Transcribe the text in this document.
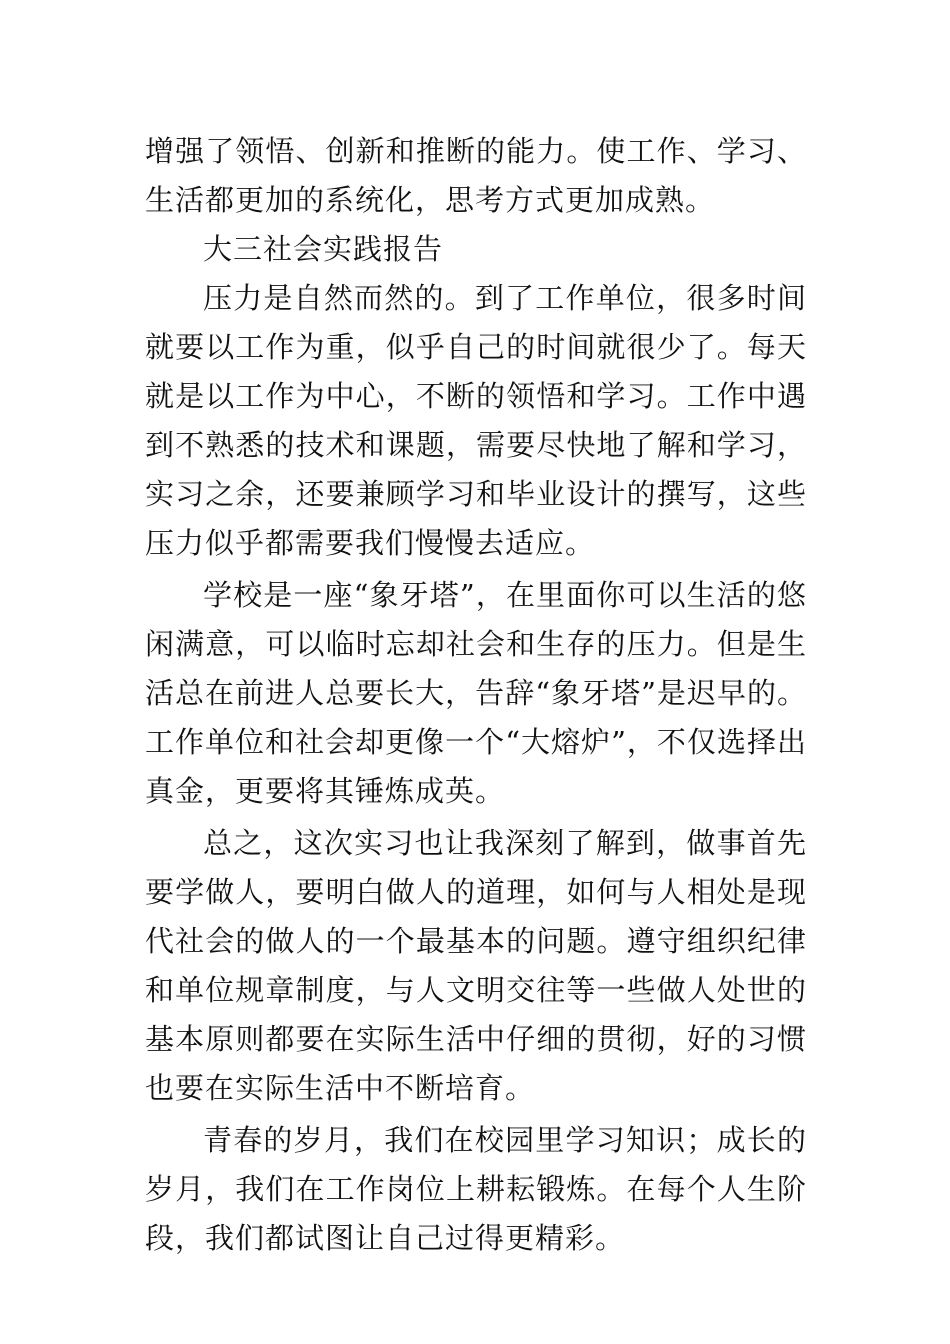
增强了领悟、创新和推断的能力。使工作、学习、生活都更加的系统化，思考方式更加成熟。

大三社会实践报告

压力是自然而然的。到了工作单位，很多时间就要以工作为重，似乎自己的时间就很少了。每天就是以工作为中心，不断的领悟和学习。工作中遇到不熟悉的技术和课题，需要尽快地了解和学习，实习之余，还要兼顾学习和毕业设计的撰写，这些压力似乎都需要我们慢慢去适应。

学校是一座“象牙塔”，在里面你可以生活的悠闲满意，可以临时忘却社会和生存的压力。但是生活总在前进人总要长大，告辞“象牙塔”是迟早的。工作单位和社会却更像一个“大熔炉”，不仅选择出真金，更要将其锤炼成英。

总之，这次实习也让我深刻了解到，做事首先要学做人，要明白做人的道理，如何与人相处是现代社会的做人的一个最基本的问题。遵守组织纪律和单位规章制度，与人文明交往等一些做人处世的基本原则都要在实际生活中仔细的贯彻，好的习惯也要在实际生活中不断培育。

青春的岁月，我们在校园里学习知识；成长的岁月，我们在工作岗位上耕耘锻炼。在每个人生阶段，我们都试图让自己过得更精彩。
